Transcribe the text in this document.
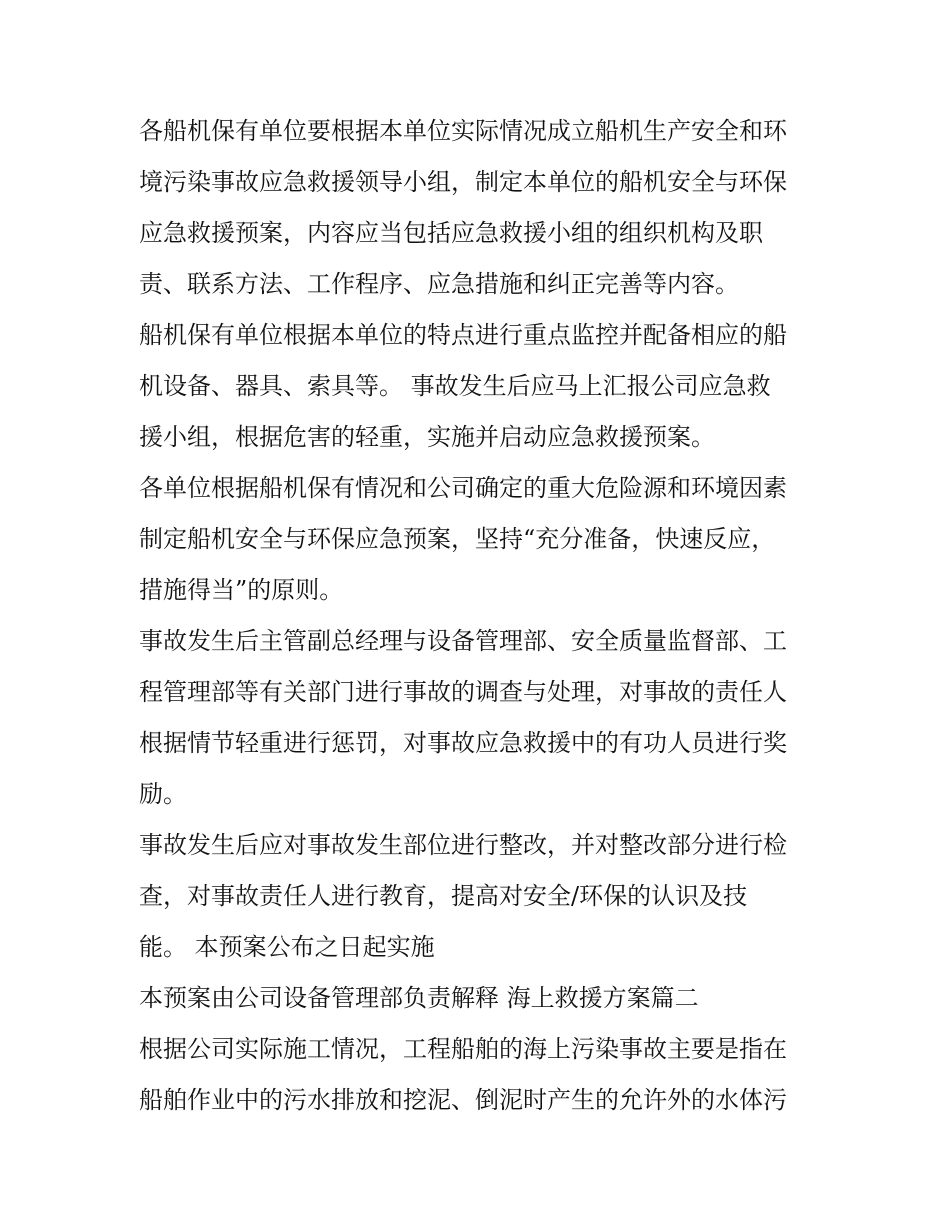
各船机保有单位要根据本单位实际情况成立船机生产安全和环

境污染事故应急救援领导小组，制定本单位的船机安全与环保

应急救援预案，内容应当包括应急救援小组的组织机构及职

责、联系方法、工作程序、应急措施和纠正完善等内容。

船机保有单位根据本单位的特点进行重点监控并配备相应的船

机设备、器具、索具等。 事故发生后应马上汇报公司应急救

援小组，根据危害的轻重，实施并启动应急救援预案。

各单位根据船机保有情况和公司确定的重大危险源和环境因素

制定船机安全与环保应急预案，坚持“充分准备，快速反应，

措施得当”的原则。

事故发生后主管副总经理与设备管理部、安全质量监督部、工

程管理部等有关部门进行事故的调查与处理，对事故的责任人

根据情节轻重进行惩罚，对事故应急救援中的有功人员进行奖

励。

事故发生后应对事故发生部位进行整改，并对整改部分进行检

查，对事故责任人进行教育，提高对安全/环保的认识及技

能。 本预案公布之日起实施

本预案由公司设备管理部负责解释 海上救援方案篇二

根据公司实际施工情况，工程船舶的海上污染事故主要是指在

船舶作业中的污水排放和挖泥、倒泥时产生的允许外的水体污
